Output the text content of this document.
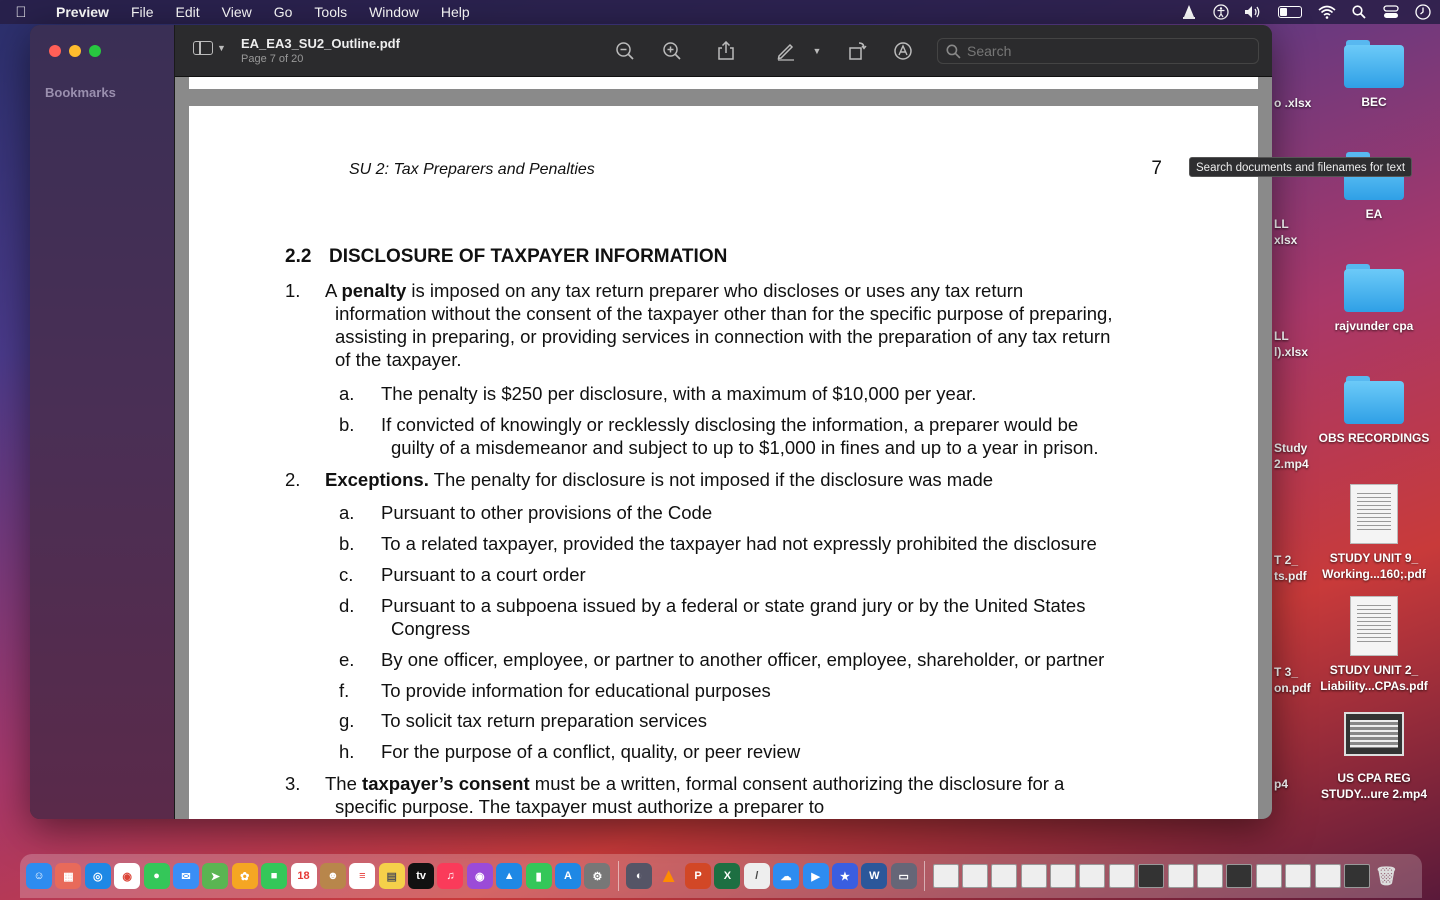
Preview	File	Edit	View	Go	Tools	Window	Help
BEC
EA
rajvunder cpa
OBS RECORDINGS
STUDY UNIT 9_
Working...160;.pdf
STUDY UNIT 2_
Liability...CPAs.pdf
US CPA REG
STUDY...ure 2.mp4
o .xlsx
LL
xlsx
LL
l).xlsx
Study
2.mp4
T 2_
ts.pdf
T 3_
on.pdf
p4
Bookmarks
▼ EA_EA3_SU2_Outline.pdf
Page 7 of 20
▼
Search
SU 2: Tax Preparers and Penalties	7
2.2 DISCLOSURE OF TAXPAYER INFORMATION
1. A penalty is imposed on any tax return preparer who discloses or uses any tax return
information without the consent of the taxpayer other than for the specific purpose of preparing,
assisting in preparing, or providing services in connection with the preparation of any tax return
of the taxpayer.
a. The penalty is $250 per disclosure, with a maximum of $10,000 per year.
b. If convicted of knowingly or recklessly disclosing the information, a preparer would be
guilty of a misdemeanor and subject to up to $1,000 in fines and up to a year in prison.
2. Exceptions. The penalty for disclosure is not imposed if the disclosure was made
a. Pursuant to other provisions of the Code
b. To a related taxpayer, provided the taxpayer had not expressly prohibited the disclosure
c. Pursuant to a court order
d. Pursuant to a subpoena issued by a federal or state grand jury or by the United States
Congress
e. By one officer, employee, or partner to another officer, employee, shareholder, or partner
f. To provide information for educational purposes
g. To solicit tax return preparation services
h. For the purpose of a conflict, quality, or peer review
3. The taxpayer’s consent must be a written, formal consent authorizing the disclosure for a
specific purpose. The taxpayer must authorize a preparer to
Search documents and filenames for text
☺	▦	◎	◉	●	✉	➤	✿	■	18	☻	≡	▤	tv	♫	◉	▲	▮	A	⚙	◐ ▲	P	X	/	☁	▶	★	W	▭	🗑
